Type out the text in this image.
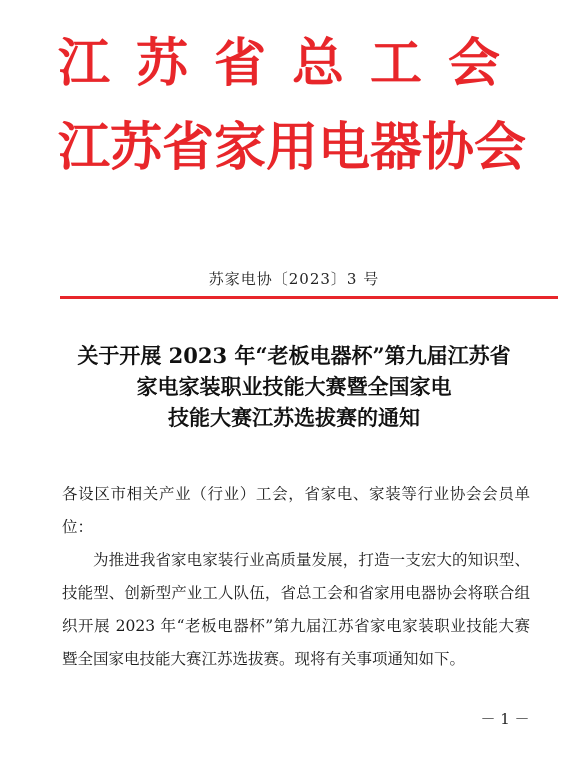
江苏省总工会
江苏省家用电器协会
苏家电协〔2023〕3 号
关于开展 2023 年“老板电器杯”第九届江苏省
家电家装职业技能大赛暨全国家电
技能大赛江苏选拔赛的通知

各设区市相关产业（行业）工会，省家电、家装等行业协会会员单位：

为推进我省家电家装行业高质量发展，打造一支宏大的知识型、技能型、创新型产业工人队伍，省总工会和省家用电器协会将联合组织开展 2023 年“老板电器杯”第九届江苏省家电家装职业技能大赛暨全国家电技能大赛江苏选拔赛。现将有关事项通知如下。

－ 1 －
